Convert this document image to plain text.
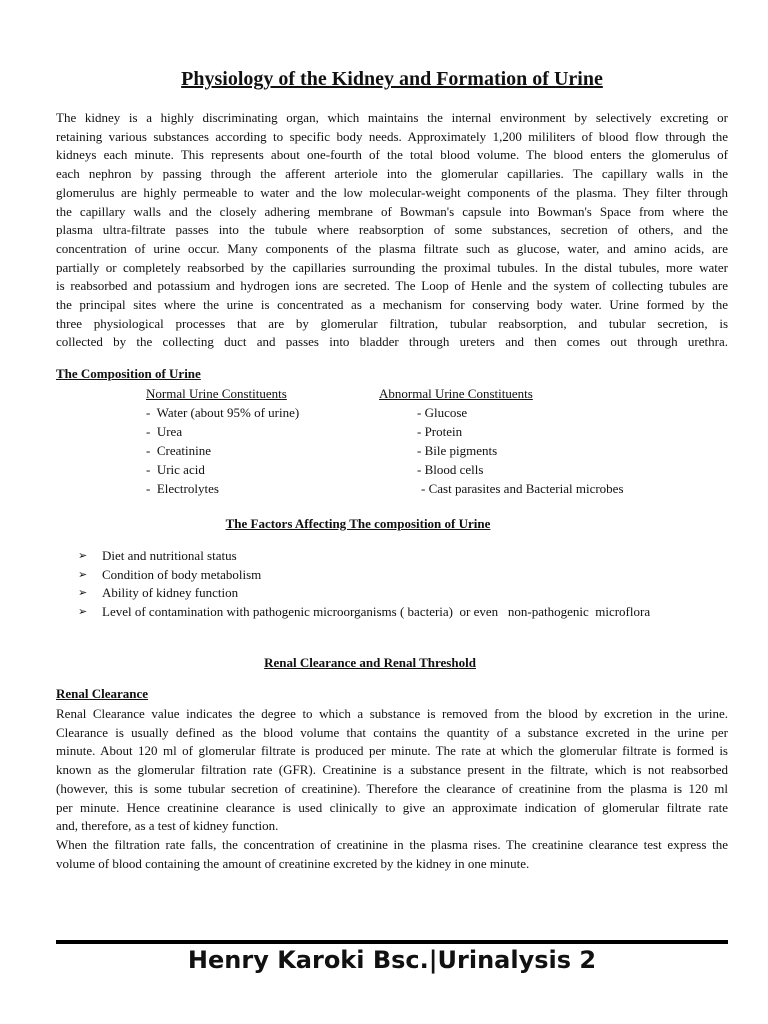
Physiology of the Kidney and Formation of Urine
The kidney is a highly discriminating organ, which maintains the internal environment by selectively excreting or
retaining various substances according to specific body needs. Approximately 1,200 mililiters of blood flow through the
kidneys each minute. This represents about one-fourth of the total blood volume. The blood enters the glomerulus of
each nephron by passing through the afferent arteriole into the glomerular capillaries. The capillary walls in the
glomerulus are highly permeable to water and the low molecular-weight components of the plasma. They filter through
the capillary walls and the closely adhering membrane of Bowman's capsule into Bowman's Space from where the
plasma ultra-filtrate passes into the tubule where reabsorption of some substances, secretion of others, and the
concentration of urine occur. Many components of the plasma filtrate such as glucose, water, and amino acids, are
partially or completely reabsorbed by the capillaries surrounding the proximal tubules. In the distal tubules, more water
is reabsorbed and potassium and hydrogen ions are secreted. The Loop of Henle and the system of collecting tubules are
the principal sites where the urine is concentrated as a mechanism for conserving body water. Urine formed by the
three physiological processes that are by glomerular filtration, tubular reabsorption, and tubular secretion, is
collected by the collecting duct and passes into bladder through ureters and then comes out through urethra.
The Composition of Urine
Normal Urine Constituents
-  Water (about 95% of urine)
-  Urea
-  Creatinine
-  Uric acid
-  Electrolytes
Abnormal Urine Constituents
- Glucose
- Protein
- Bile pigments
- Blood cells
- Cast parasites and Bacterial microbes
The Factors Affecting The composition of Urine
➢ Diet and nutritional status
➢ Condition of body metabolism
➢ Ability of kidney function
➢ Level of contamination with pathogenic microorganisms ( bacteria)  or even   non-pathogenic  microflora
Renal Clearance and Renal Threshold
Renal Clearance
Renal Clearance value indicates the degree to which a substance is removed from the blood by excretion in the urine.
Clearance is usually defined as the blood volume that contains the quantity of a substance excreted in the urine per
minute. About 120 ml of glomerular filtrate is produced per minute. The rate at which the glomerular filtrate is formed is
known as the glomerular filtration rate (GFR). Creatinine is a substance present in the filtrate, which is not reabsorbed
(however, this is some tubular secretion of creatinine). Therefore the clearance of creatinine from the plasma is 120 ml
per minute. Hence creatinine clearance is used clinically to give an approximate indication of glomerular filtrate rate
and, therefore, as a test of kidney function.
When the filtration rate falls, the concentration of creatinine in the plasma rises. The creatinine clearance test express the
volume of blood containing the amount of creatinine excreted by the kidney in one minute.
Henry Karoki Bsc.|Urinalysis 2
